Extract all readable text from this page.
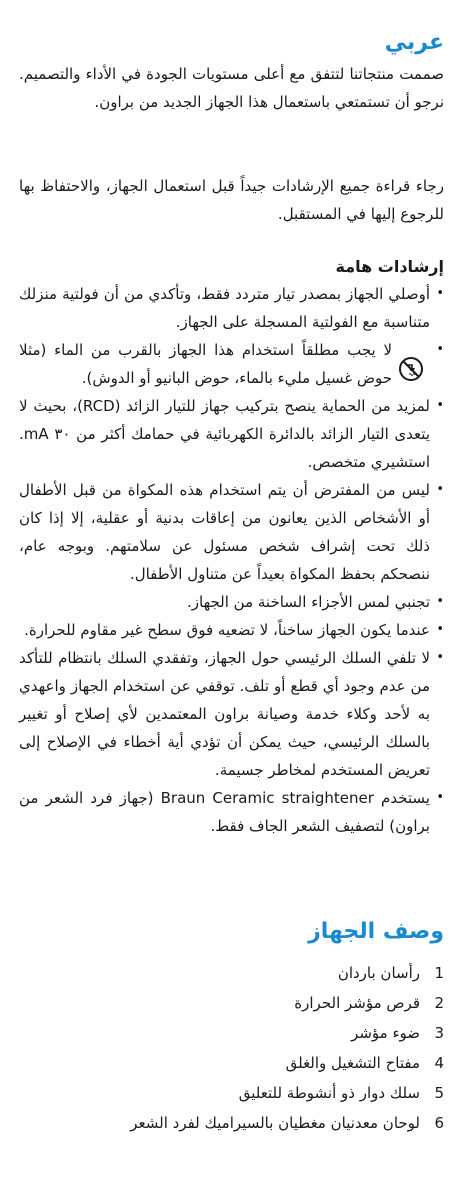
عربي

صممت منتجاتنا لتتفق مع أعلى مستويات الجودة في الأداء والتصميم. نرجو أن تستمتعي باستعمال هذا الجهاز الجديد من براون.

رجاء قراءة جميع الإرشادات جيداً قبل استعمال الجهاز، والاحتفاظ بها للرجوع إليها في المستقبل.

إرشادات هامة
•
أوصلي الجهاز بمصدر تيار متردد فقط، وتأكدي من أن فولتية منزلك متناسبة مع الفولتية المسجلة على الجهاز.
•
لا يجب مطلقاً استخدام هذا الجهاز بالقرب من الماء (مثلا حوض غسيل مليء بالماء، حوض البانيو أو الدوش).
•
لمزيد من الحماية ينصح بتركيب جهاز للتيار الزائد (RCD)، بحيث لا يتعدى التيار الزائد بالدائرة الكهربائية في حمامك أكثر من ٣٠ mA. استشيري متخصص.
•
ليس من المفترض أن يتم استخدام هذه المكواة من قبل الأطفال أو الأشخاص الذين يعانون من إعاقات بدنية أو عقلية، إلا إذا كان ذلك تحت إشراف شخص مسئول عن سلامتهم. وبوجه عام، ننصحكم بحفظ المكواة بعيداً عن متناول الأطفال.
•
تجنبي لمس الأجزاء الساخنة من الجهاز.
•
عندما يكون الجهاز ساخناً، لا تضعيه فوق سطح غير مقاوم للحرارة.
•
لا تلفي السلك الرئيسي حول الجهاز، وتفقدي السلك بانتظام للتأكد من عدم وجود أي قطع أو تلف. توقفي عن استخدام الجهاز واعهدي به لأحد وكلاء خدمة وصيانة براون المعتمدين لأي إصلاح أو تغيير بالسلك الرئيسي، حيث يمكن أن تؤدي أية أخطاء في الإصلاح إلى تعريض المستخدم لمخاطر جسيمة.
•
يستخدم Braun Ceramic straightener (جهاز فرد الشعر من براون) لتصفيف الشعر الجاف فقط.
وصف الجهاز
1رأسان باردان
2قرص مؤشر الحرارة
3ضوء مؤشر
4مفتاح التشغيل والغلق
5سلك دوار ذو أنشوطة للتعليق
6لوحان معدنيان مغطيان بالسيراميك لفرد الشعر
